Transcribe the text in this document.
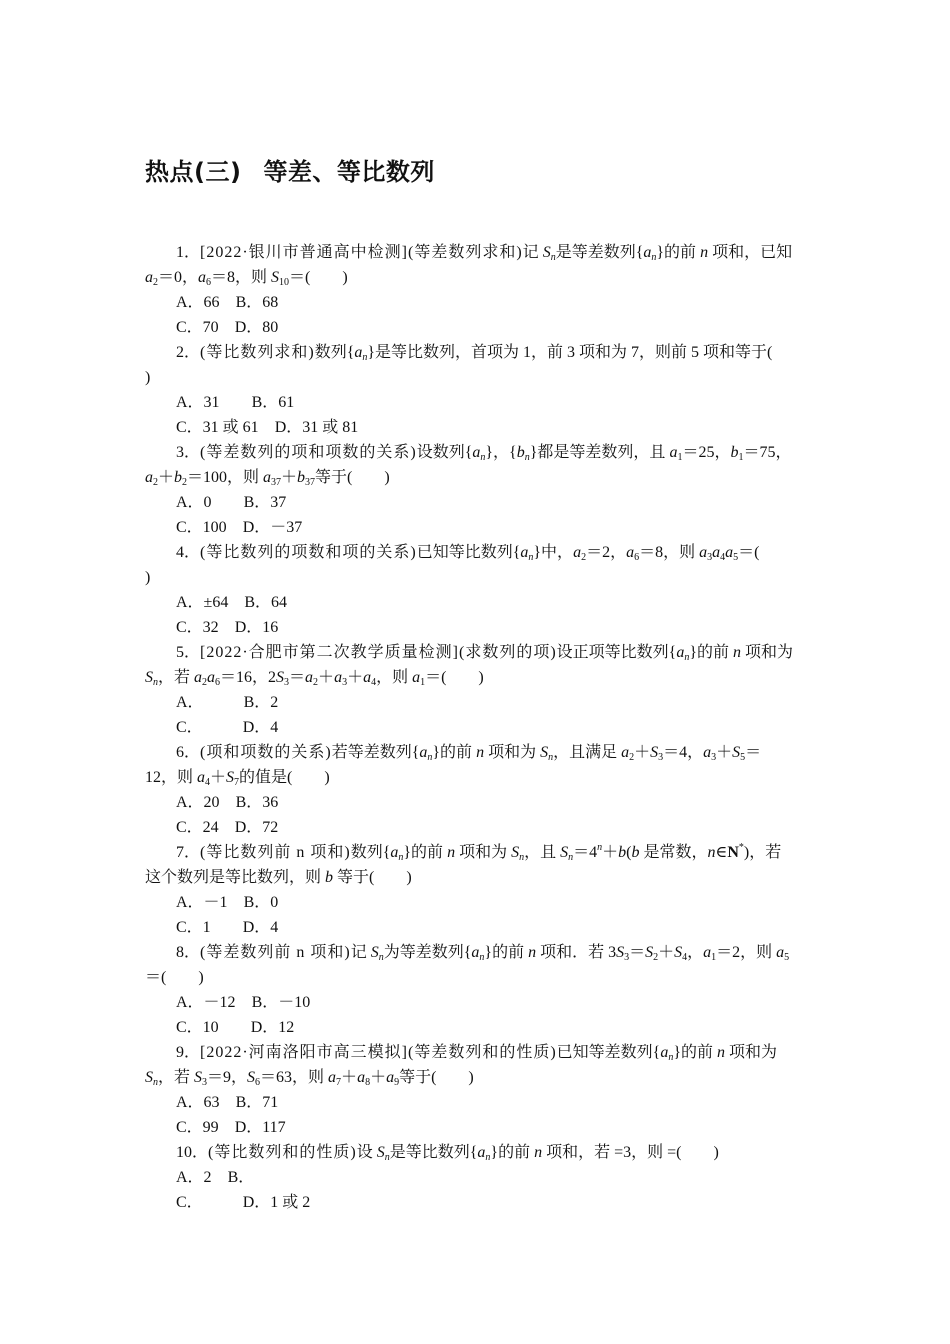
热点(三) 等差、等比数列
1．[2022·银川市普通高中检测](等差数列求和)记 $S_n$是等差数列$\{a_n\}$的前 n 项和，已知
$a_2=0$，$a_6=8$，则 $S_{10}=$(　　)
A．66　 B．68
C．70　 D．80
2．(等比数列求和)数列$\{a_n\}$是等比数列，首项为 1，前 3 项和为 7，则前 5 项和等于(
)
A．31　　 B．61
C．31 或 61　 D．31 或 81
3．(等差数列的项和项数的关系)设数列$\{a_n\}$，$\{b_n\}$都是等差数列，且 $a_1=25$，$b_1=75$，
$a_2+b_2=100$，则 $a_{37}+b_{37}$等于(　　)
A．0　　 B．37
C．100　 D．－37
4．(等比数列的项数和项的关系)已知等比数列$\{a_n\}$中，$a_2=2$，$a_6=8$，则 $a_3a_4a_5=$(
)
A．±64　 B．64
C．32　 D．16
5．[2022·合肥市第二次教学质量检测](求数列的项)设正项等比数列$\{a_n\}$的前 n 项和为
$S_n$，若 $a_2a_6=16$，$2S_3=a_2+a_3+a_4$，则 $a_1=$(　　)
A．　　　	B．2
C．　　　	D．4
6．(项和项数的关系)若等差数列$\{a_n\}$的前 n 项和为 $S_n$，且满足 $a_2+S_3=4$，$a_3+S_5=$
12，则 $a_4+S_7$的值是(　　)
A．20　 B．36
C．24　 D．72
7．(等比数列前 n 项和)数列$\{a_n\}$的前 n 项和为 $S_n$，且 $S_n=4^n+b(b$ 是常数，n∈N*)，若
这个数列是等比数列，则 b 等于(　　)
A．－1　 B．0
C．1　　 D．4
8．(等差数列前 n 项和)记 $S_n$为等差数列$\{a_n\}$的前 n 项和．若 $3S_3=S_2+S_4$，$a_1=2$，则 $a_5$
＝(　　)
A．－12　 B．－10
C．10　　 D．12
9．[2022·河南洛阳市高三模拟](等差数列和的性质)已知等差数列$\{a_n\}$的前 n 项和为
$S_n$，若 $S_3=9$，$S_6=63$，则 $a_7+a_8+a_9$等于(　　)
A．63　 B．71
C．99　 D．117
10．(等比数列和的性质)设 $S_n$是等比数列$\{a_n\}$的前 n 项和，若 =3，则 =(　　)
A．2　 B．
C．　　　	D．1 或 2
